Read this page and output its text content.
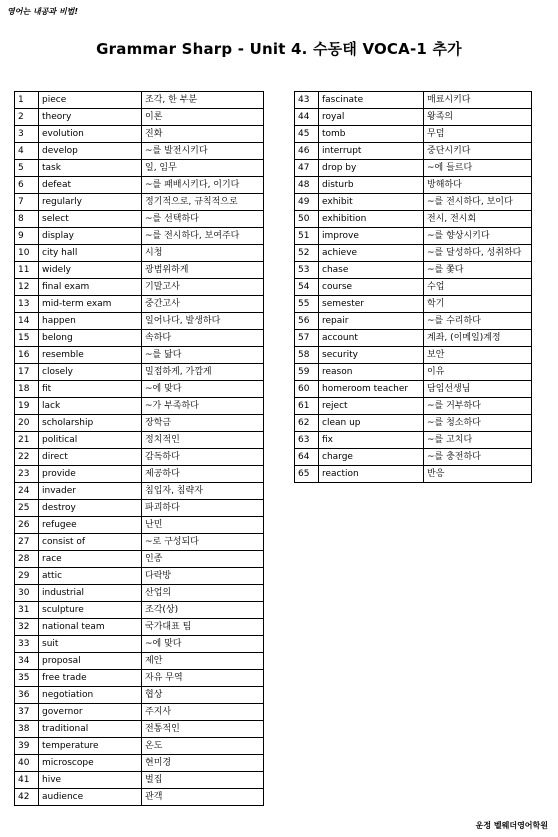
영어는 내공과 비법!
Grammar Sharp - Unit 4. 수동태 VOCA-1 추가
1	piece	조각, 한 부분
2	theory	이론
3	evolution	진화
4	develop	~를 발전시키다
5	task	일, 임무
6	defeat	~를 패배시키다, 이기다
7	regularly	정기적으로, 규칙적으로
8	select	~를 선택하다
9	display	~를 전시하다, 보여주다
10	city hall	시청
11	widely	광범위하게
12	final exam	기말고사
13	mid-term exam	중간고사
14	happen	일어나다, 발생하다
15	belong	속하다
16	resemble	~를 닮다
17	closely	밀접하게, 가깝게
18	fit	~에 맞다
19	lack	~가 부족하다
20	scholarship	장학금
21	political	정치적인
22	direct	감독하다
23	provide	제공하다
24	invader	침입자, 침략자
25	destroy	파괴하다
26	refugee	난민
27	consist of	~로 구성되다
28	race	인종
29	attic	다락방
30	industrial	산업의
31	sculpture	조각(상)
32	national team	국가대표 팀
33	suit	~에 맞다
34	proposal	제안
35	free trade	자유 무역
36	negotiation	협상
37	governor	주지사
38	traditional	전통적인
39	temperature	온도
40	microscope	현미경
41	hive	벌집
42	audience	관객
43	fascinate	매료시키다
44	royal	왕족의
45	tomb	무덤
46	interrupt	중단시키다
47	drop by	~에 들르다
48	disturb	방해하다
49	exhibit	~를 전시하다, 보이다
50	exhibition	전시, 전시회
51	improve	~를 향상시키다
52	achieve	~를 달성하다, 성취하다
53	chase	~를 쫓다
54	course	수업
55	semester	학기
56	repair	~를 수리하다
57	account	계좌, (이메일)계정
58	security	보안
59	reason	이유
60	homeroom teacher	담임선생님
61	reject	~를 거부하다
62	clean up	~를 청소하다
63	fix	~를 고치다
64	charge	~를 충전하다
65	reaction	반응
운정 벨웨더영어학원
